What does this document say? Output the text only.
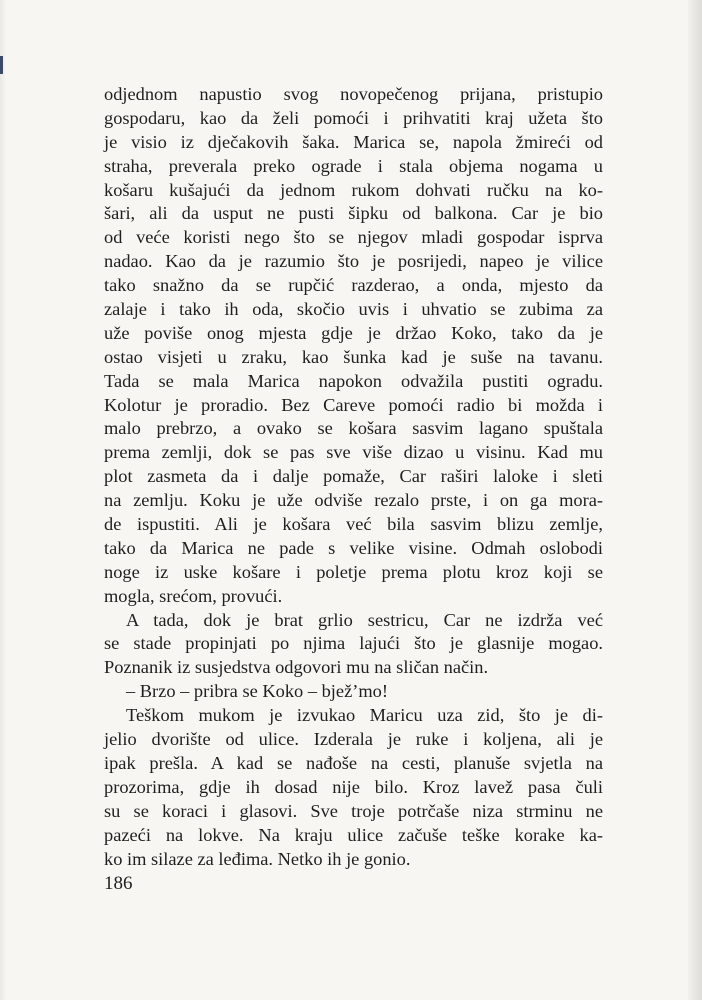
odjednom napustio svog novopečenog prijana, pristupio
gospodaru, kao da želi pomoći i prihvatiti kraj užeta što
je visio iz dječakovih šaka. Marica se, napola žmireći od
straha, preverala preko ograde i stala objema nogama u
košaru kušajući da jednom rukom dohvati ručku na ko-
šari, ali da usput ne pusti šipku od balkona. Car je bio
od veće koristi nego što se njegov mladi gospodar isprva
nadao. Kao da je razumio što je posrijedi, napeo je vilice
tako snažno da se rupčić razderao, a onda, mjesto da
zalaje i tako ih oda, skočio uvis i uhvatio se zubima za
uže poviše onog mjesta gdje je držao Koko, tako da je
ostao visjeti u zraku, kao šunka kad je suše na tavanu.
Tada se mala Marica napokon odvažila pustiti ogradu.
Kolotur je proradio. Bez Careve pomoći radio bi možda i
malo prebrzo, a ovako se košara sasvim lagano spuštala
prema zemlji, dok se pas sve više dizao u visinu. Kad mu
plot zasmeta da i dalje pomaže, Car raširi laloke i sleti
na zemlju. Koku je uže odviše rezalo prste, i on ga mora-
de ispustiti. Ali je košara već bila sasvim blizu zemlje,
tako da Marica ne pade s velike visine. Odmah oslobodi
noge iz uske košare i poletje prema plotu kroz koji se
mogla, srećom, provući.
A tada, dok je brat grlio sestricu, Car ne izdrža već
se stade propinjati po njima lajući što je glasnije mogao.
Poznanik iz susjedstva odgovori mu na sličan način.
– Brzo – pribra se Koko – bjež’mo!
Teškom mukom je izvukao Maricu uza zid, što je di-
jelio dvorište od ulice. Izderala je ruke i koljena, ali je
ipak prešla. A kad se nađoše na cesti, planuše svjetla na
prozorima, gdje ih dosad nije bilo. Kroz lavež pasa čuli
su se koraci i glasovi. Sve troje potrčaše niza strminu ne
pazeći na lokve. Na kraju ulice začuše teške korake ka-
ko im silaze za leđima. Netko ih je gonio.
186
